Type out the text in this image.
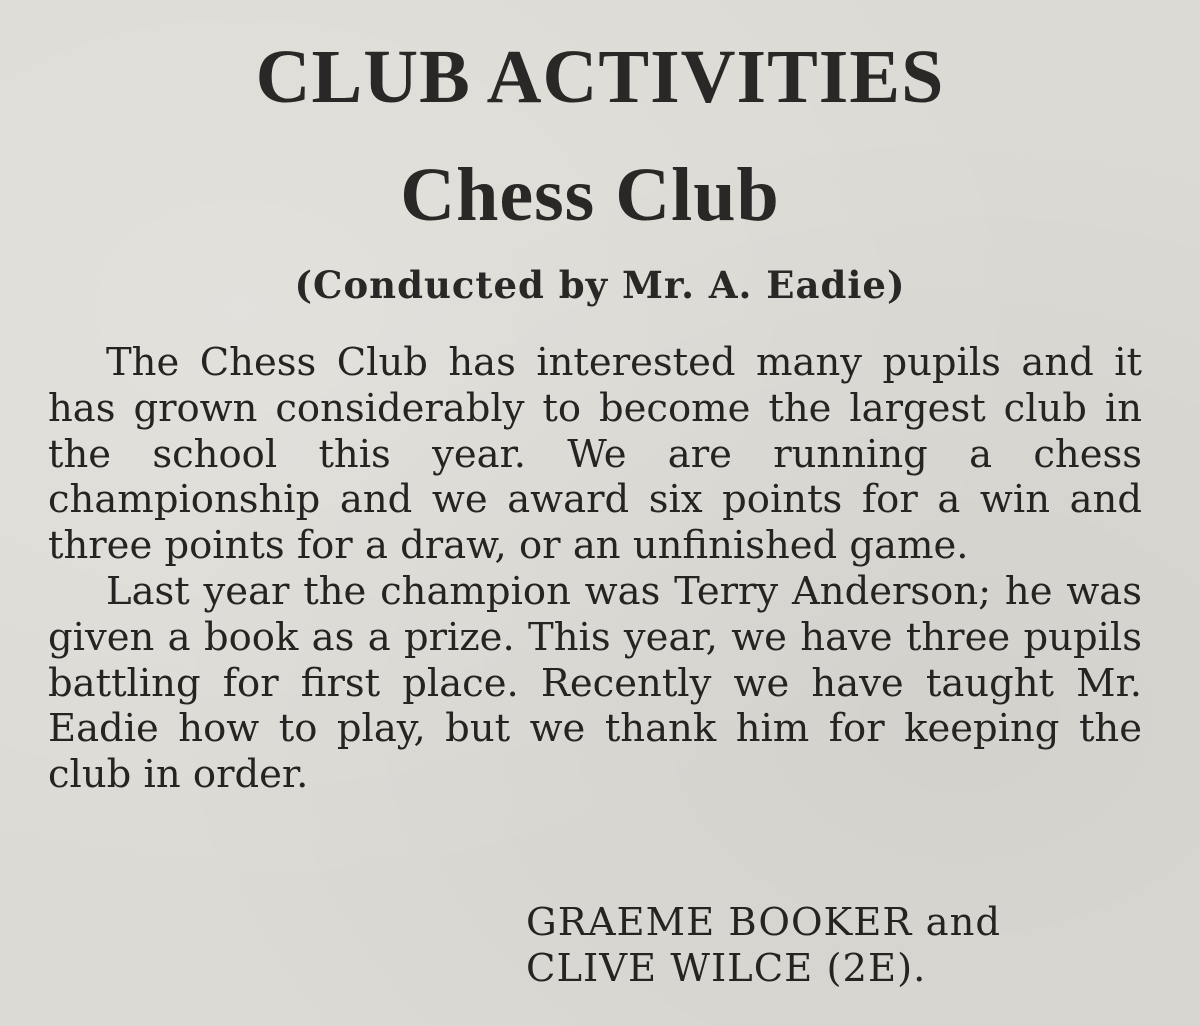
CLUB ACTIVITIES
Chess Club
(Conducted by Mr. A. Eadie)

The Chess Club has interested many pupils and it has grown considerably to become the largest club in the school this year. We are running a chess championship and we award six points for a win and three points for a draw, or an unfinished game.

Last year the champion was Terry Anderson; he was given a book as a prize. This year, we have three pupils battling for first place. Recently we have taught Mr. Eadie how to play, but we thank him for keeping the club in order.

GRAEME BOOKER and
CLIVE WILCE (2E).
